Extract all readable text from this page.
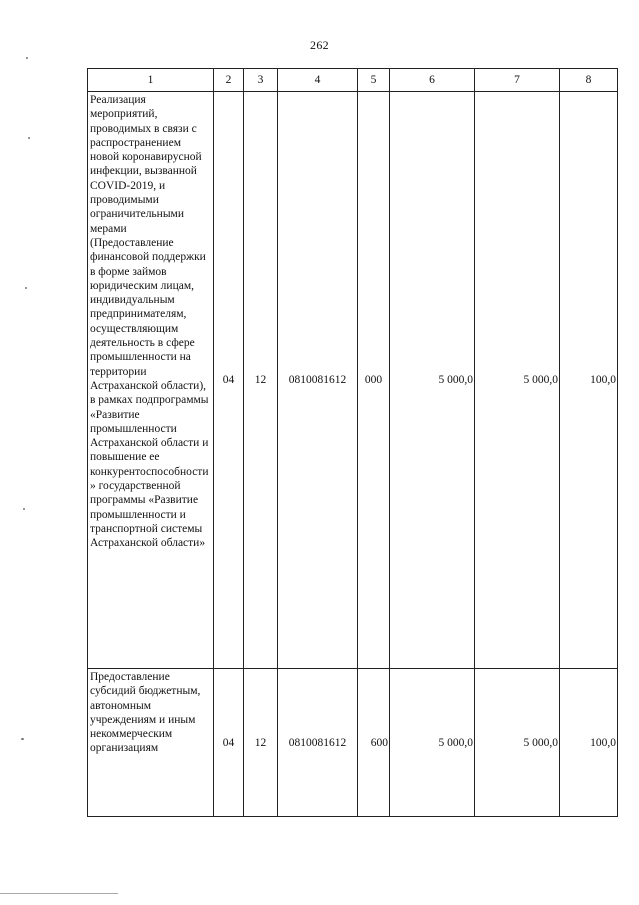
262
1	2	3	4	5	6	7	8
Реализация мероприятий, проводимых в связи с распространением новой коронавирусной инфекции, вызванной COVID-2019, и проводимыми ограничительными мерами (Предоставление финансовой поддержки в форме займов юридическим лицам, индивидуальным предпринимателям, осуществляющим деятельность в сфере промышленности на территории Астраханской области), в рамках подпрограммы «Развитие промышленности Астраханской области и повышение ее конкурентоспособности» государственной программы «Развитие промышленности и транспортной системы Астраханской области»	04	12	0810081612	000	5 000,0	5 000,0	100,0
Предоставление субсидий бюджетным, автономным учреждениям и иным некоммерческим организациям	04	12	0810081612	600	5 000,0	5 000,0	100,0
